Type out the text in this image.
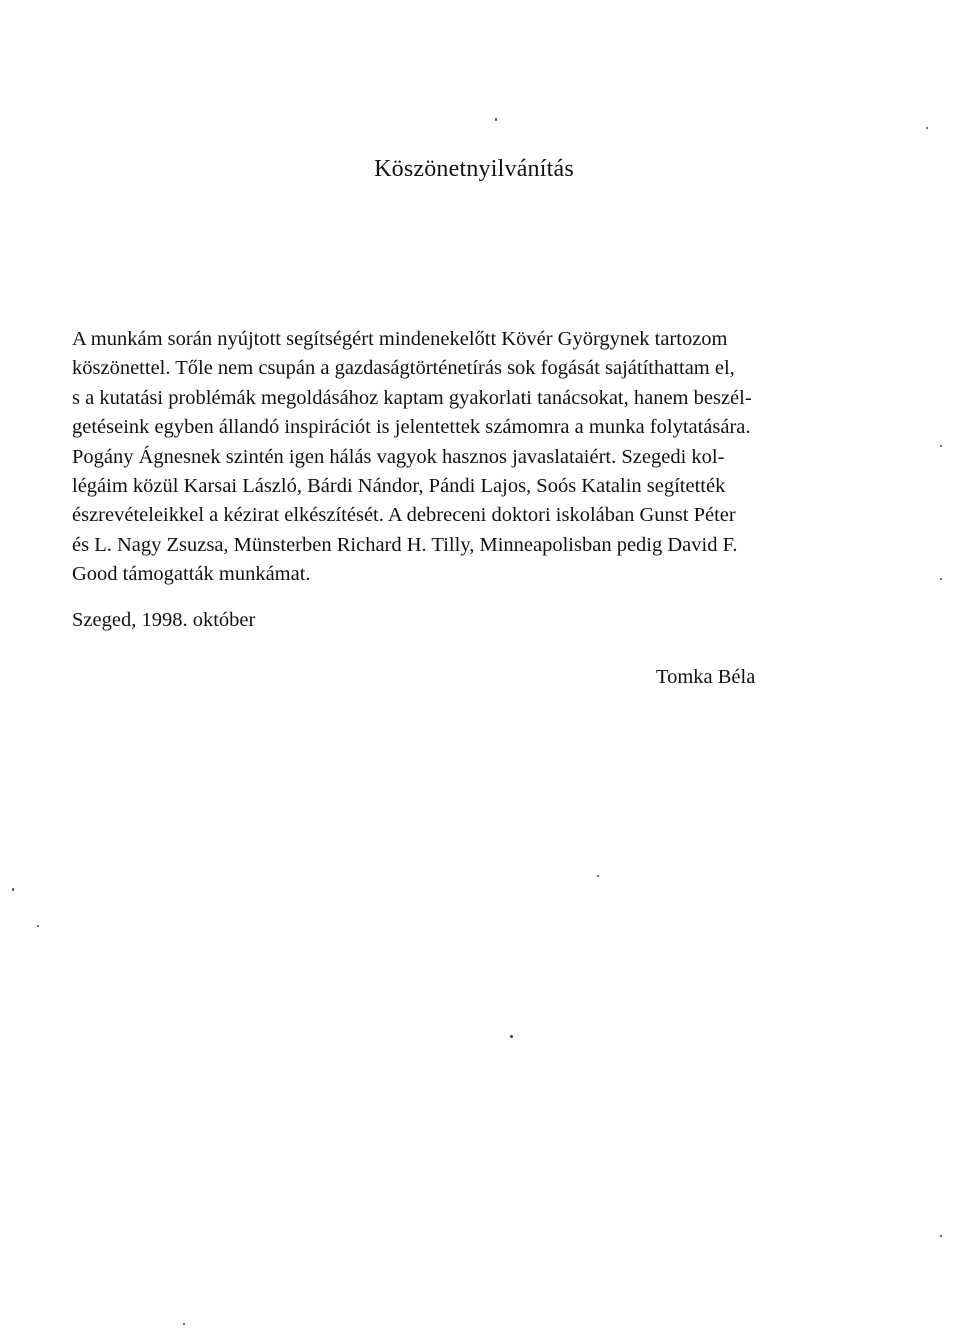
Köszönetnyilvánítás
A munkám során nyújtott segítségért mindenekelőtt Kövér Györgynek tartozom
köszönettel. Tőle nem csupán a gazdaságtörténetírás sok fogását sajátíthattam el,
s a kutatási problémák megoldásához kaptam gyakorlati tanácsokat, hanem beszél-
getéseink egyben állandó inspirációt is jelentettek számomra a munka folytatására.
Pogány Ágnesnek szintén igen hálás vagyok hasznos javaslataiért. Szegedi kol-
légáim közül Karsai László, Bárdi Nándor, Pándi Lajos, Soós Katalin segítették
észrevételeikkel a kézirat elkészítését. A debreceni doktori iskolában Gunst Péter
és L. Nagy Zsuzsa, Münsterben Richard H. Tilly, Minneapolisban pedig David F.
Good támogatták munkámat.
Szeged, 1998. október
Tomka Béla
